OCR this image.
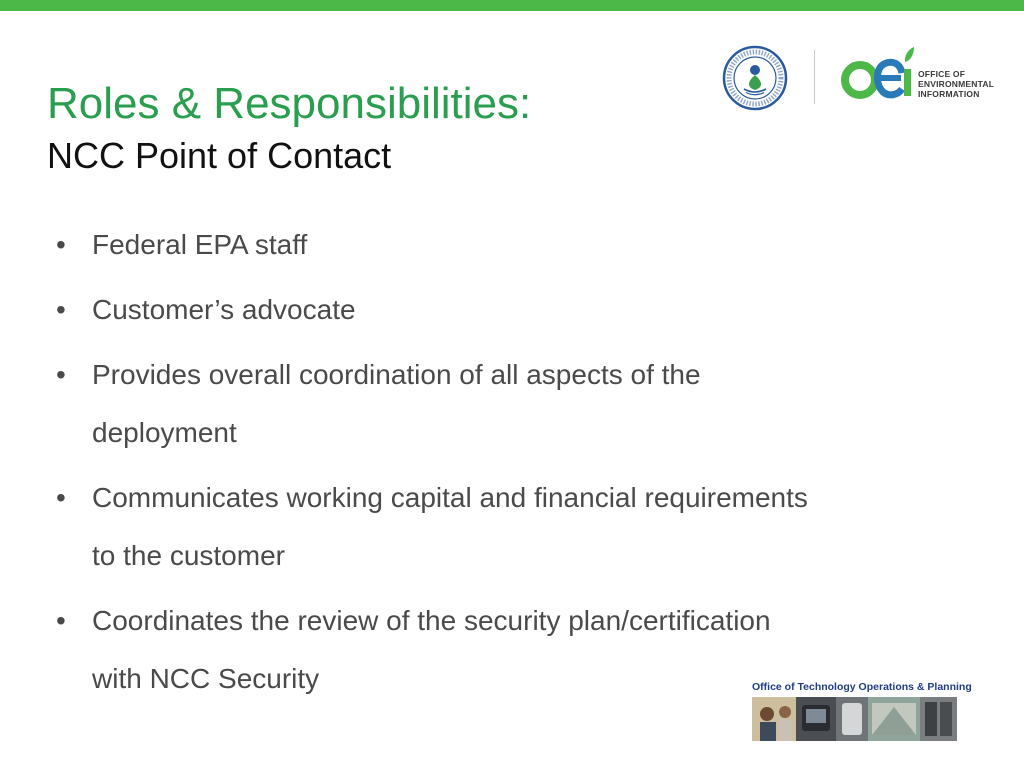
Roles & Responsibilities:
NCC Point of Contact
• Federal EPA staff
• Customer’s advocate
• Provides overall coordination of all aspects of the
deployment
• Communicates working capital and financial requirements
to the customer
• Coordinates the review of the security plan/certification
with NCC Security
OFFICE OF
ENVIRONMENTAL
INFORMATION
Office of Technology Operations & Planning
